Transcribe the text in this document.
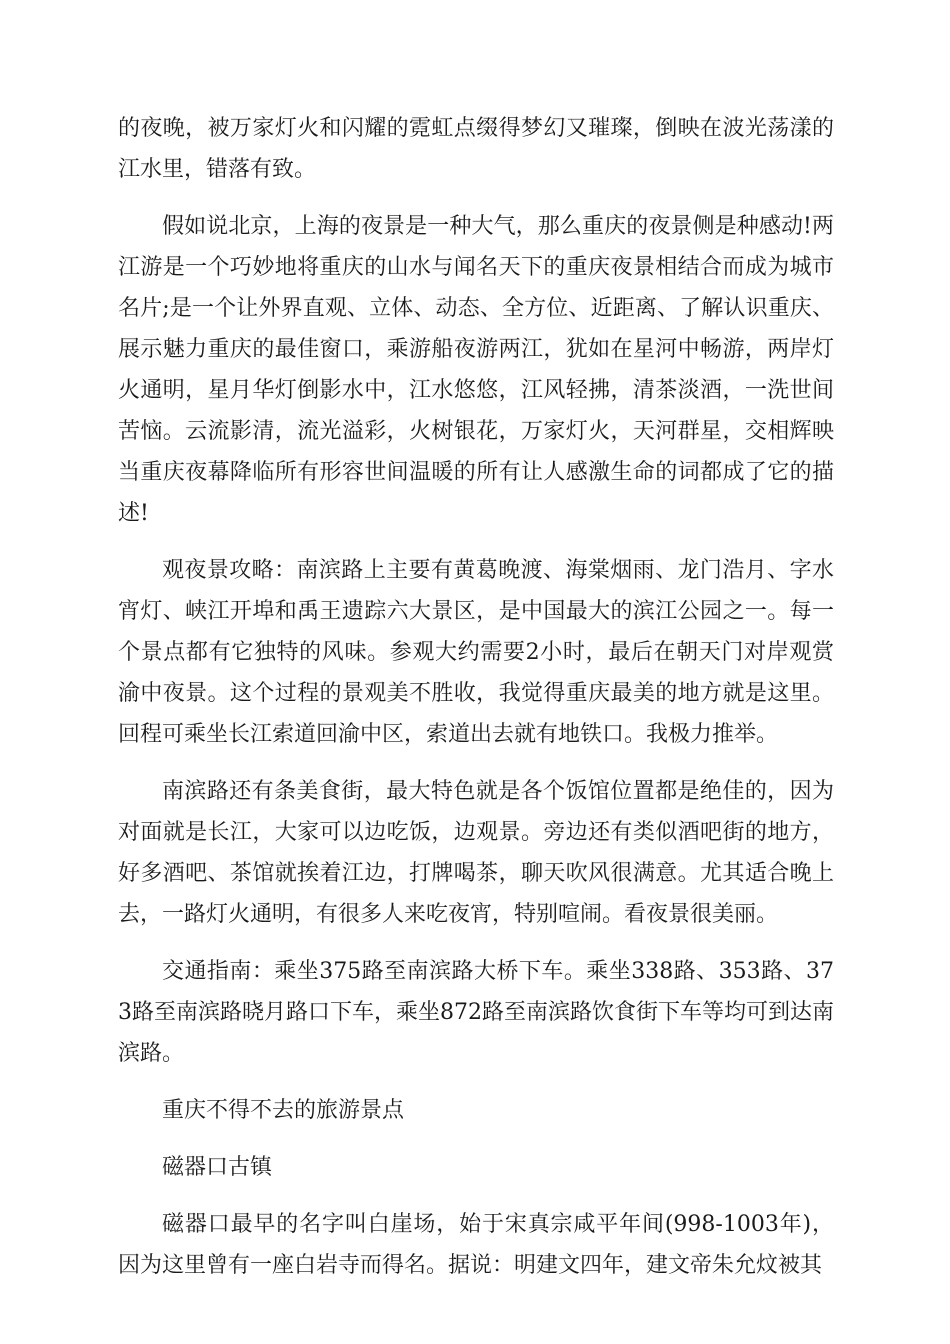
的夜晚，被万家灯火和闪耀的霓虹点缀得梦幻又璀璨，倒映在波光荡漾的江水里，错落有致。

假如说北京，上海的夜景是一种大气，那么重庆的夜景侧是种感动!两江游是一个巧妙地将重庆的山水与闻名天下的重庆夜景相结合而成为城市名片;是一个让外界直观、立体、动态、全方位、近距离、了解认识重庆、展示魅力重庆的最佳窗口，乘游船夜游两江，犹如在星河中畅游，两岸灯火通明，星月华灯倒影水中，江水悠悠，江风轻拂，清茶淡酒，一洗世间苦恼。云流影清，流光溢彩，火树银花，万家灯火，天河群星，交相辉映当重庆夜幕降临所有形容世间温暖的所有让人感激生命的词都成了它的描述!

观夜景攻略：南滨路上主要有黄葛晚渡、海棠烟雨、龙门浩月、字水宵灯、峡江开埠和禹王遗踪六大景区，是中国最大的滨江公园之一。每一个景点都有它独特的风味。参观大约需要2小时，最后在朝天门对岸观赏渝中夜景。这个过程的景观美不胜收，我觉得重庆最美的地方就是这里。回程可乘坐长江索道回渝中区，索道出去就有地铁口。我极力推举。

南滨路还有条美食街，最大特色就是各个饭馆位置都是绝佳的，因为对面就是长江，大家可以边吃饭，边观景。旁边还有类似酒吧街的地方，好多酒吧、茶馆就挨着江边，打牌喝茶，聊天吹风很满意。尤其适合晚上去，一路灯火通明，有很多人来吃夜宵，特别喧闹。看夜景很美丽。

交通指南：乘坐375路至南滨路大桥下车。乘坐338路、353路、373路至南滨路晓月路口下车，乘坐872路至南滨路饮食街下车等均可到达南滨路。

重庆不得不去的旅游景点

磁器口古镇

磁器口最早的名字叫白崖场，始于宋真宗咸平年间(998-1003年)，因为这里曾有一座白岩寺而得名。据说：明建文四年，建文帝朱允炆被其
